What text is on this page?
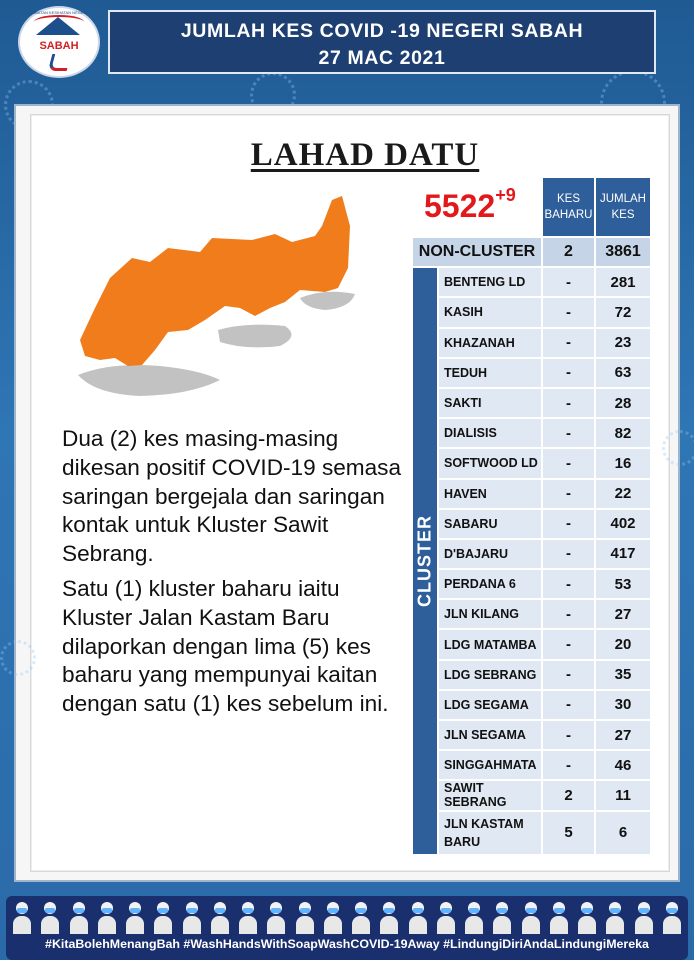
JABATAN KESIHATAN NEGERI
SABAH
JUMLAH KES COVID -19 NEGERI SABAH
27 MAC 2021
LAHAD DATU
$5522^{+9}$

Dua (2) kes masing-masing dikesan positif COVID-19 semasa saringan bergejala dan saringan kontak untuk Kluster Sawit Sebrang.

Satu (1) kluster baharu iaitu Kluster Jalan Kastam Baru dilaporkan dengan lima (5) kes baharu yang mempunyai kaitan dengan satu (1) kes sebelum ini.

		KES BAHARU	JUMLAH KES
NON-CLUSTER		2	3861

CLUSTER	BENTENG LD	-	281
	KASIH	-	72
	KHAZANAH	-	23
	TEDUH	-	63
	SAKTI	-	28
	DIALISIS	-	82
	SOFTWOOD LD	-	16
	HAVEN	-	22
	SABARU	-	402
	D'BAJARU	-	417
	PERDANA 6	-	53
	JLN KILANG	-	27
	LDG MATAMBA	-	20
	LDG SEBRANG	-	35
	LDG SEGAMA	-	30
	JLN SEGAMA	-	27
	SINGGAHMATA	-	46
	SAWIT SEBRANG	2	11
	JLN KASTAM BARU	5	6
#KitaBolehMenangBah #WashHandsWithSoapWashCOVID-19Away #LindungiDiriAndaLindungiMereka
